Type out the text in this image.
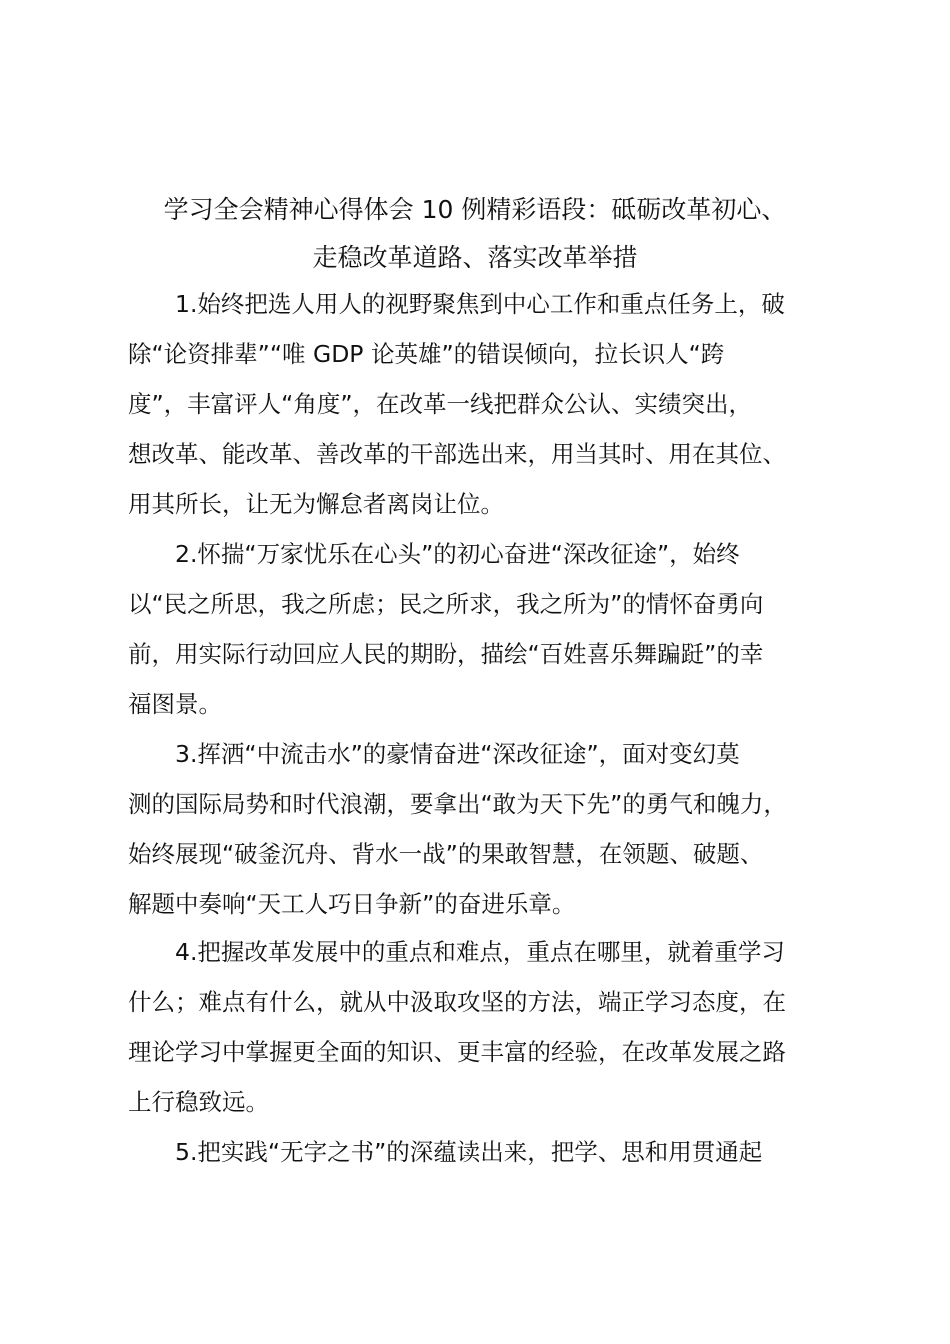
学习全会精神心得体会 10 例精彩语段：砥砺改革初心、
走稳改革道路、落实改革举措
1.始终把选人用人的视野聚焦到中心工作和重点任务上，破
除“论资排辈”“唯 GDP 论英雄”的错误倾向，拉长识人“跨
度”，丰富评人“角度”，在改革一线把群众公认、实绩突出，
想改革、能改革、善改革的干部选出来，用当其时、用在其位、
用其所长，让无为懈怠者离岗让位。
2.怀揣“万家忧乐在心头”的初心奋进“深改征途”，始终
以“民之所思，我之所虑；民之所求，我之所为”的情怀奋勇向
前，用实际行动回应人民的期盼，描绘“百姓喜乐舞蹁跹”的幸
福图景。
3.挥洒“中流击水”的豪情奋进“深改征途”，面对变幻莫
测的国际局势和时代浪潮，要拿出“敢为天下先”的勇气和魄力，
始终展现“破釜沉舟、背水一战”的果敢智慧，在领题、破题、
解题中奏响“天工人巧日争新”的奋进乐章。
4.把握改革发展中的重点和难点，重点在哪里，就着重学习
什么；难点有什么，就从中汲取攻坚的方法，端正学习态度，在
理论学习中掌握更全面的知识、更丰富的经验，在改革发展之路
上行稳致远。
5.把实践“无字之书”的深蕴读出来，把学、思和用贯通起
